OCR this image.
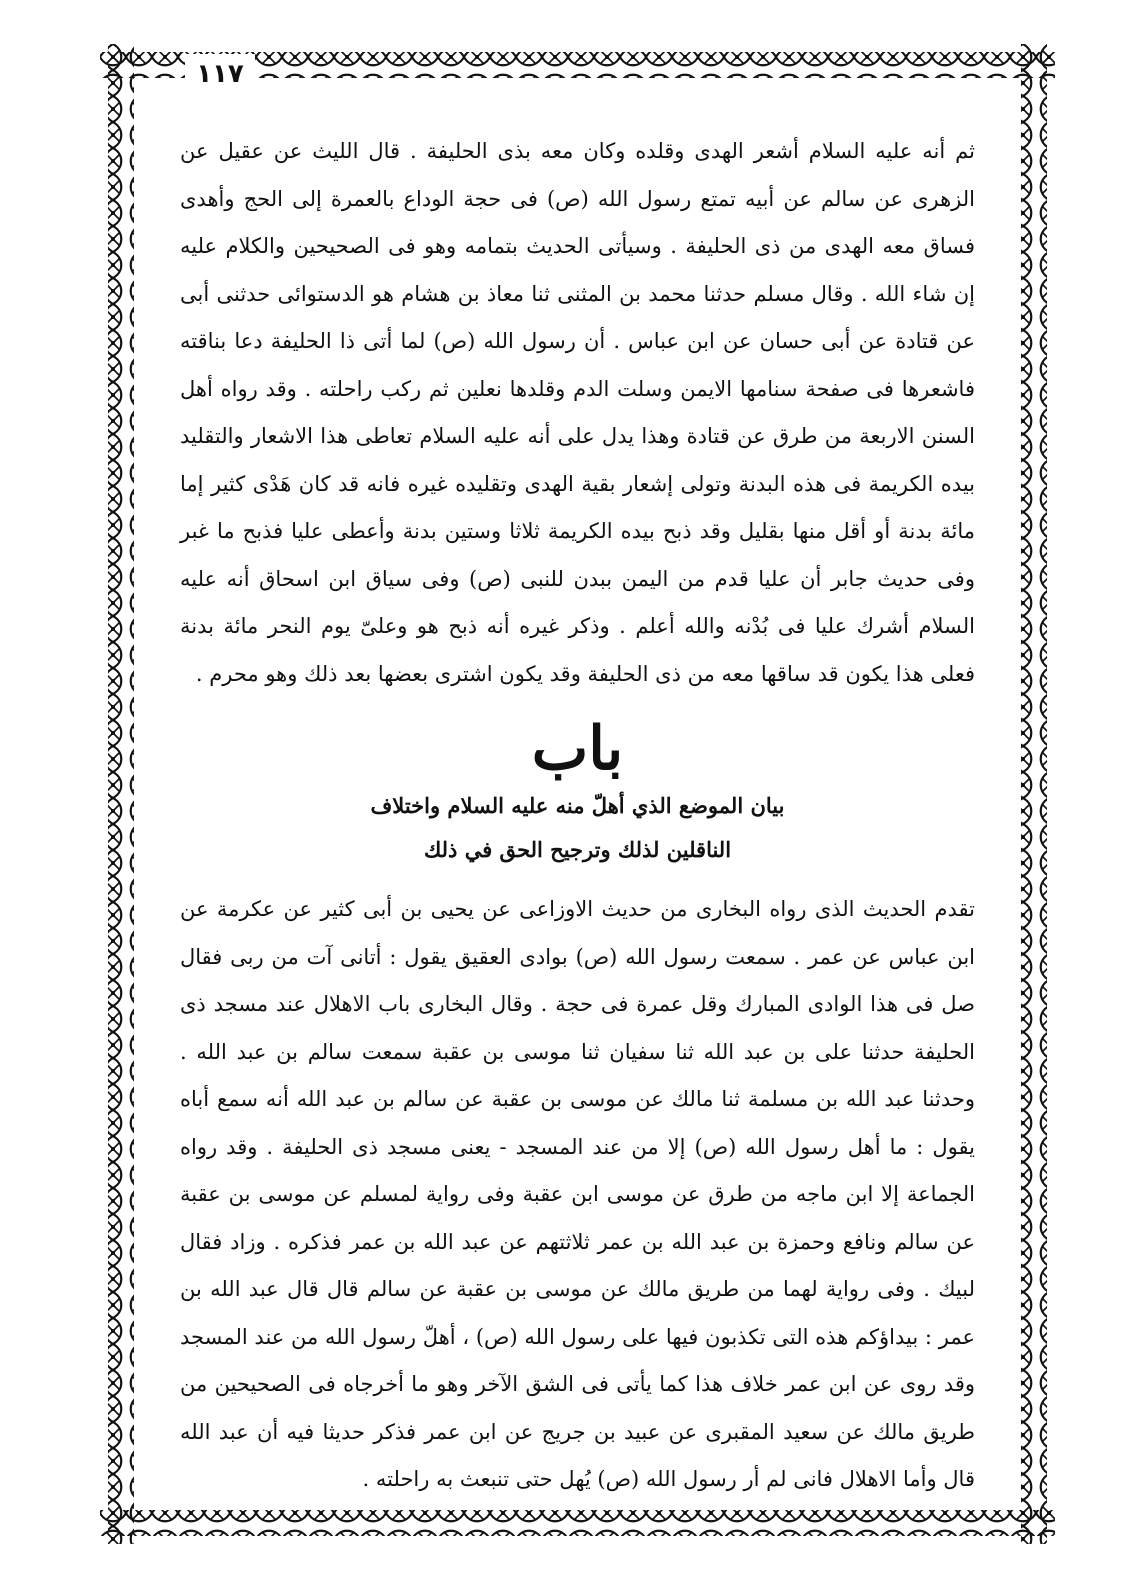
١١٧

ثم أنه عليه السلام أشعر الهدى وقلده وكان معه بذى الحليفة . قال الليث عن عقيل عن الزهرى عن سالم عن أبيه تمتع رسول الله (ص) فى حجة الوداع بالعمرة إلى الحج وأهدى فساق معه الهدى من ذى الحليفة . وسيأتى الحديث بتمامه وهو فى الصحيحين والكلام عليه إن شاء الله . وقال مسلم حدثنا محمد بن المثنى ثنا معاذ بن هشام هو الدستوائى حدثنى أبى عن قتادة عن أبى حسان عن ابن عباس . أن رسول الله (ص) لما أتى ذا الحليفة دعا بناقته فاشعرها فى صفحة سنامها الايمن وسلت الدم وقلدها نعلين ثم ركب راحلته . وقد رواه أهل السنن الاربعة من طرق عن قتادة وهذا يدل على أنه عليه السلام تعاطى هذا الاشعار والتقليد بيده الكريمة فى هذه البدنة وتولى إشعار بقية الهدى وتقليده غيره فانه قد كان هَدْى كثير إما مائة بدنة أو أقل منها بقليل وقد ذبح بيده الكريمة ثلاثا وستين بدنة وأعطى عليا فذبح ما غبر وفى حديث جابر أن عليا قدم من اليمن ببدن للنبى (ص) وفى سياق ابن اسحاق أنه عليه السلام أشرك عليا فى بُدْنه والله أعلم . وذكر غيره أنه ذبح هو وعلىّ يوم النحر مائة بدنة فعلى هذا يكون قد ساقها معه من ذى الحليفة وقد يكون اشترى بعضها بعد ذلك وهو محرم .

باب

بيان الموضع الذي أهلّ منه عليه السلام واختلاف

الناقلين لذلك وترجيح الحق في ذلك

تقدم الحديث الذى رواه البخارى من حديث الاوزاعى عن يحيى بن أبى كثير عن عكرمة عن ابن عباس عن عمر . سمعت رسول الله (ص) بوادى العقيق يقول : أتانى آت من ربى فقال صل فى هذا الوادى المبارك وقل عمرة فى حجة . وقال البخارى باب الاهلال عند مسجد ذى الحليفة حدثنا على بن عبد الله ثنا سفيان ثنا موسى بن عقبة سمعت سالم بن عبد الله . وحدثنا عبد الله بن مسلمة ثنا مالك عن موسى بن عقبة عن سالم بن عبد الله أنه سمع أباه يقول : ما أهل رسول الله (ص) إلا من عند المسجد - يعنى مسجد ذى الحليفة . وقد رواه الجماعة إلا ابن ماجه من طرق عن موسى ابن عقبة وفى رواية لمسلم عن موسى بن عقبة عن سالم ونافع وحمزة بن عبد الله بن عمر ثلاثتهم عن عبد الله بن عمر فذكره . وزاد فقال لبيك . وفى رواية لهما من طريق مالك عن موسى بن عقبة عن سالم قال قال عبد الله بن عمر : بيداؤكم هذه التى تكذبون فيها على رسول الله (ص) ، أهلّ رسول الله من عند المسجد وقد روى عن ابن عمر خلاف هذا كما يأتى فى الشق الآخر وهو ما أخرجاه فى الصحيحين من طريق مالك عن سعيد المقبرى عن عبيد بن جريج عن ابن عمر فذكر حديثا فيه أن عبد الله قال وأما الاهلال فانى لم أر رسول الله (ص) يُهل حتى تنبعث به راحلته .
